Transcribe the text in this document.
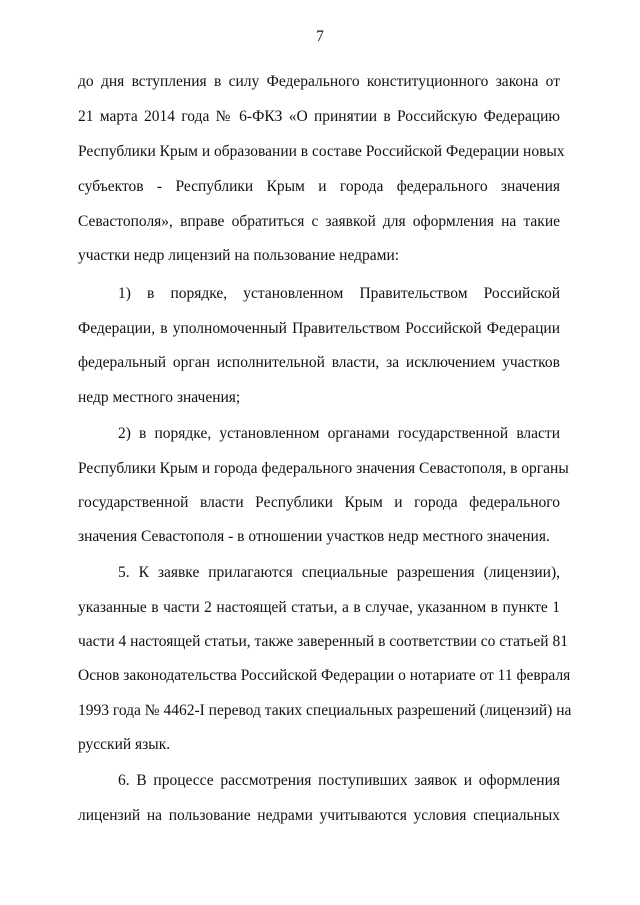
7
до дня вступления в силу Федерального конституционного закона от
21 марта 2014 года № 6-ФКЗ «О принятии в Российскую Федерацию
Республики Крым и образовании в составе Российской Федерации новых
субъектов - Республики Крым и города федерального значения
Севастополя», вправе обратиться с заявкой для оформления на такие
участки недр лицензий на пользование недрами:
1) в порядке, установленном Правительством Российской
Федерации, в уполномоченный Правительством Российской Федерации
федеральный орган исполнительной власти, за исключением участков
недр местного значения;
2) в порядке, установленном органами государственной власти
Республики Крым и города федерального значения Севастополя, в органы
государственной власти Республики Крым и города федерального
значения Севастополя - в отношении участков недр местного значения.
5. К заявке прилагаются специальные разрешения (лицензии),
указанные в части 2 настоящей статьи, а в случае, указанном в пункте 1
части 4 настоящей статьи, также заверенный в соответствии со статьей 81
Основ законодательства Российской Федерации о нотариате от 11 февраля
1993 года № 4462-I перевод таких специальных разрешений (лицензий) на
русский язык.
6. В процессе рассмотрения поступивших заявок и оформления
лицензий на пользование недрами учитываются условия специальных
